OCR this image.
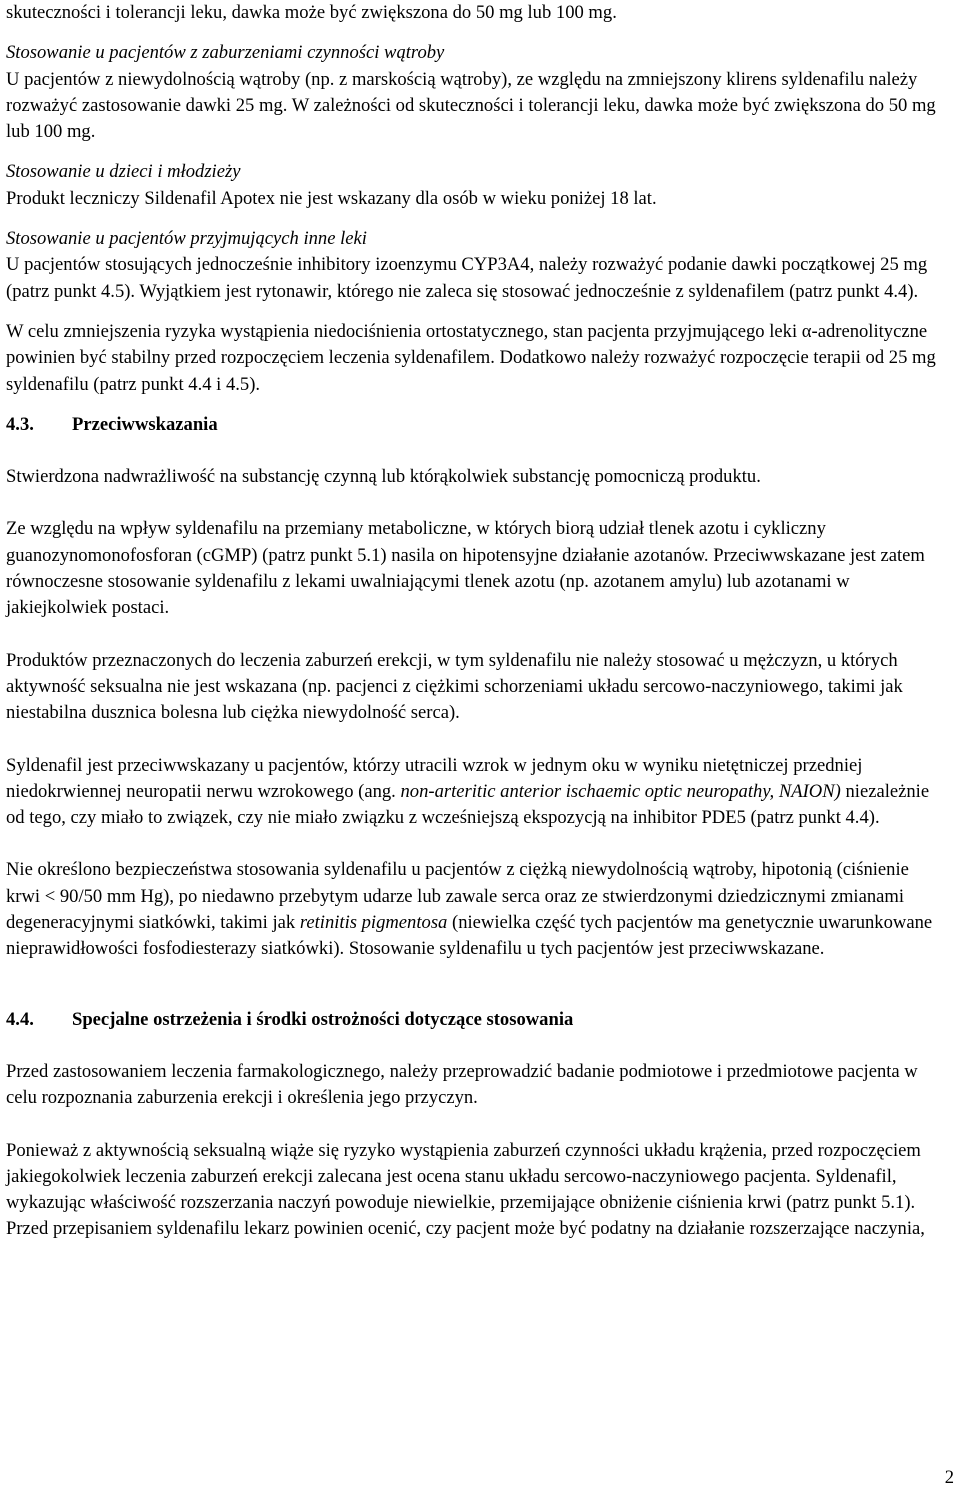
skuteczności i tolerancji leku, dawka może być zwiększona do 50 mg lub 100 mg.

Stosowanie u pacjentów z zaburzeniami czynności wątroby

U pacjentów z niewydolnością wątroby (np. z marskością wątroby), ze względu na zmniejszony klirens syldenafilu należy rozważyć zastosowanie dawki 25 mg. W zależności od skuteczności i tolerancji leku, dawka może być zwiększona do 50 mg lub 100 mg.

Stosowanie u dzieci i młodzieży

Produkt leczniczy Sildenafil Apotex nie jest wskazany dla osób w wieku poniżej 18 lat.

Stosowanie u pacjentów przyjmujących inne leki

U pacjentów stosujących jednocześnie inhibitory izoenzymu CYP3A4, należy rozważyć podanie dawki początkowej 25 mg (patrz punkt 4.5). Wyjątkiem jest rytonawir, którego nie zaleca się stosować jednocześnie z syldenafilem (patrz punkt 4.4).

W celu zmniejszenia ryzyka wystąpienia niedociśnienia ortostatycznego, stan pacjenta przyjmującego leki α-adrenolityczne powinien być stabilny przed rozpoczęciem leczenia syldenafilem. Dodatkowo należy rozważyć rozpoczęcie terapii od 25 mg syldenafilu (patrz punkt 4.4 i 4.5).

4.3.	Przeciwwskazania

Stwierdzona nadwrażliwość na substancję czynną lub którąkolwiek substancję pomocniczą produktu.

Ze względu na wpływ syldenafilu na przemiany metaboliczne, w których biorą udział tlenek azotu i cykliczny guanozynomonofosforan (cGMP) (patrz punkt 5.1) nasila on hipotensyjne działanie azotanów. Przeciwwskazane jest zatem równoczesne stosowanie syldenafilu z lekami uwalniającymi tlenek azotu (np. azotanem amylu) lub azotanami w jakiejkolwiek postaci.

Produktów przeznaczonych do leczenia zaburzeń erekcji, w tym syldenafilu nie należy stosować u mężczyzn, u których aktywność seksualna nie jest wskazana (np. pacjenci z ciężkimi schorzeniami układu sercowo-naczyniowego, takimi jak niestabilna dusznica bolesna lub ciężka niewydolność serca).

Syldenafil jest przeciwwskazany u pacjentów, którzy utracili wzrok w jednym oku w wyniku nietętniczej przedniej niedokrwiennej neuropatii nerwu wzrokowego (ang. non-arteritic anterior ischaemic optic neuropathy, NAION) niezależnie od tego, czy miało to związek, czy nie miało związku z wcześniejszą ekspozycją na inhibitor PDE5 (patrz punkt 4.4).

Nie określono bezpieczeństwa stosowania syldenafilu u pacjentów z ciężką niewydolnością wątroby, hipotonią (ciśnienie krwi < 90/50 mm Hg), po niedawno przebytym udarze lub zawale serca oraz ze stwierdzonymi dziedzicznymi zmianami degeneracyjnymi siatkówki, takimi jak retinitis pigmentosa (niewielka część tych pacjentów ma genetycznie uwarunkowane nieprawidłowości fosfodiesterazy siatkówki). Stosowanie syldenafilu u tych pacjentów jest przeciwwskazane.

4.4.	Specjalne ostrzeżenia i środki ostrożności dotyczące stosowania

Przed zastosowaniem leczenia farmakologicznego, należy przeprowadzić badanie podmiotowe i przedmiotowe pacjenta w celu rozpoznania zaburzenia erekcji i określenia jego przyczyn.

Ponieważ z aktywnością seksualną wiąże się ryzyko wystąpienia zaburzeń czynności układu krążenia, przed rozpoczęciem jakiegokolwiek leczenia zaburzeń erekcji zalecana jest ocena stanu układu sercowo-naczyniowego pacjenta. Syldenafil, wykazując właściwość rozszerzania naczyń powoduje niewielkie, przemijające obniżenie ciśnienia krwi (patrz punkt 5.1). Przed przepisaniem syldenafilu lekarz powinien ocenić, czy pacjent może być podatny na działanie rozszerzające naczynia,

2
